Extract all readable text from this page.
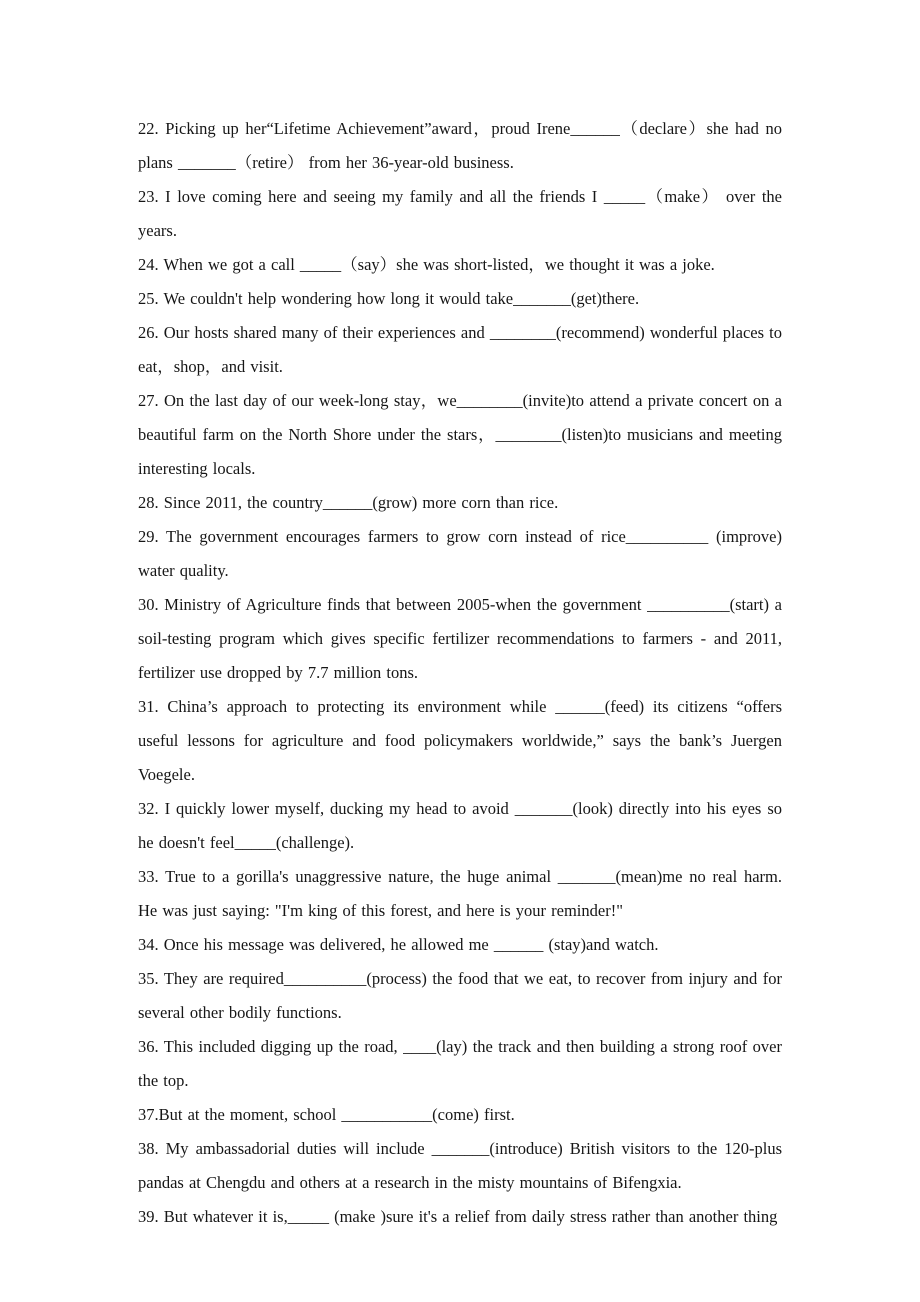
22. Picking up her“Lifetime Achievement”award，proud Irene______（declare）she had no plans _______（retire） from her 36-year-old business.

23. I love coming here and seeing my family and all the friends I _____（make） over the years.

24. When we got a call _____（say）she was short-listed，we thought it was a joke.

25. We couldn't help wondering how long it would take_______(get)there.

26. Our hosts shared many of their experiences and ________(recommend) wonderful places to eat，shop，and visit.

27. On the last day of our week-long stay，we________(invite)to attend a private concert on a beautiful farm on the North Shore under the stars，________(listen)to musicians and meeting interesting locals.

28. Since 2011, the country______(grow) more corn than rice.

29. The government encourages farmers to grow corn instead of rice__________ (improve) water quality.

30. Ministry of Agriculture finds that between 2005-when the government __________(start) a soil-testing program which gives specific fertilizer recommendations to farmers - and 2011, fertilizer use dropped by 7.7 million tons.

31. China’s approach to protecting its environment while ______(feed) its citizens “offers useful lessons for agriculture and food policymakers worldwide,” says the bank’s Juergen Voegele.

32. I quickly lower myself, ducking my head to avoid _______(look) directly into his eyes so he doesn't feel_____(challenge).

33. True to a gorilla's unaggressive nature, the huge animal _______(mean)me no real harm. He was just saying: "I'm king of this forest, and here is your reminder!"

34. Once his message was delivered, he allowed me ______ (stay)and watch.

35. They are required__________(process) the food that we eat, to recover from injury and for several other bodily functions.

36. This included digging up the road, ____(lay) the track and then building a strong roof over the top.

37.But at the moment, school ___________(come) first.

38. My ambassadorial duties will include _______(introduce) British visitors to the 120-plus pandas at Chengdu and others at a research in the misty mountains of Bifengxia.

39. But whatever it is,_____ (make )sure it's a relief from daily stress rather than another thing
